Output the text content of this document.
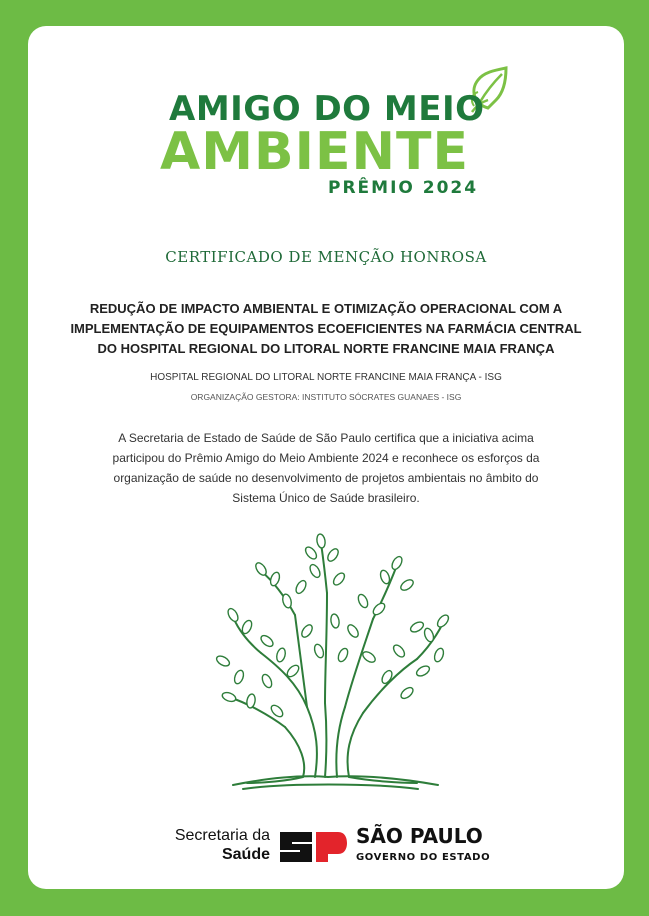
AMIGO DO MEIO
AMBIENTE
PRÊMIO 2024
CERTIFICADO DE MENÇÃO HONROSA
REDUÇÃO DE IMPACTO AMBIENTAL E OTIMIZAÇÃO OPERACIONAL COM A IMPLEMENTAÇÃO DE EQUIPAMENTOS ECOEFICIENTES NA FARMÁCIA CENTRAL DO HOSPITAL REGIONAL DO LITORAL NORTE FRANCINE MAIA FRANÇA
HOSPITAL REGIONAL DO LITORAL NORTE FRANCINE MAIA FRANÇA - ISG
ORGANIZAÇÃO GESTORA: INSTITUTO SÓCRATES GUANAES - ISG
A Secretaria de Estado de Saúde de São Paulo certifica que a iniciativa acima participou do Prêmio Amigo do Meio Ambiente 2024 e reconhece os esforços da organização de saúde no desenvolvimento de projetos ambientais no âmbito do Sistema Único de Saúde brasileiro.
Secretaria da
Saúde
SÃO PAULO
GOVERNO DO ESTADO
